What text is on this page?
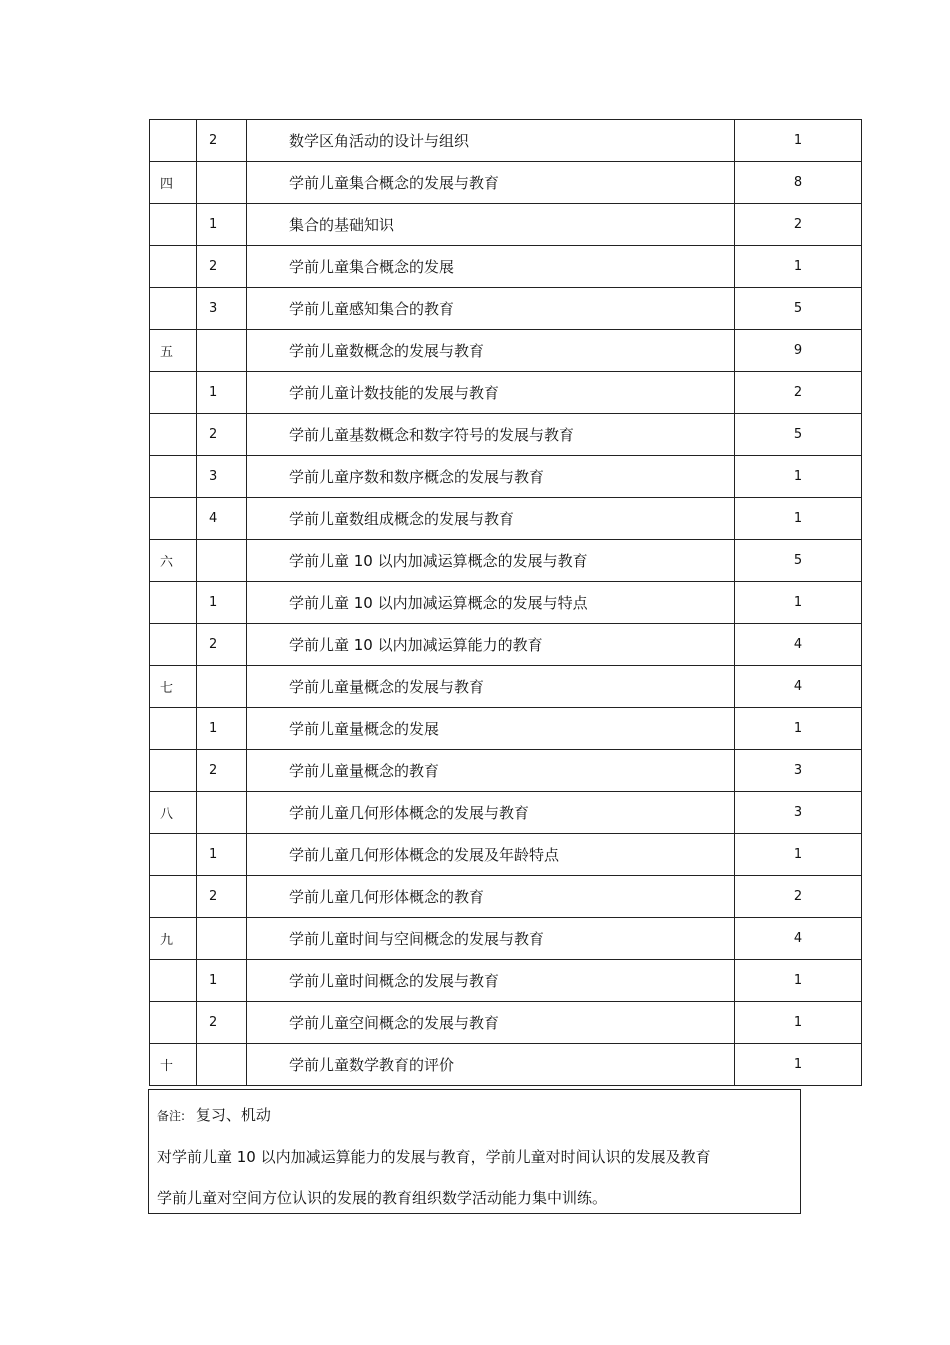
	2	数学区角活动的设计与组织	1
四		学前儿童集合概念的发展与教育	8
	1	集合的基础知识	2
	2	学前儿童集合概念的发展	1
	3	学前儿童感知集合的教育	5
五		学前儿童数概念的发展与教育	9
	1	学前儿童计数技能的发展与教育	2
	2	学前儿童基数概念和数字符号的发展与教育	5
	3	学前儿童序数和数序概念的发展与教育	1
	4	学前儿童数组成概念的发展与教育	1
六		学前儿童 10 以内加减运算概念的发展与教育	5
	1	学前儿童 10 以内加减运算概念的发展与特点	1
	2	学前儿童 10 以内加减运算能力的教育	4
七		学前儿童量概念的发展与教育	4
	1	学前儿童量概念的发展	1
	2	学前儿童量概念的教育	3
八		学前儿童几何形体概念的发展与教育	3
	1	学前儿童几何形体概念的发展及年龄特点	1
	2	学前儿童几何形体概念的教育	2
九		学前儿童时间与空间概念的发展与教育	4
	1	学前儿童时间概念的发展与教育	1
	2	学前儿童空间概念的发展与教育	1
十		学前儿童数学教育的评价	1
备注: 复习、机动
对学前儿童 10 以内加减运算能力的发展与教育，学前儿童对时间认识的发展及教育
学前儿童对空间方位认识的发展的教育组织数学活动能力集中训练。
